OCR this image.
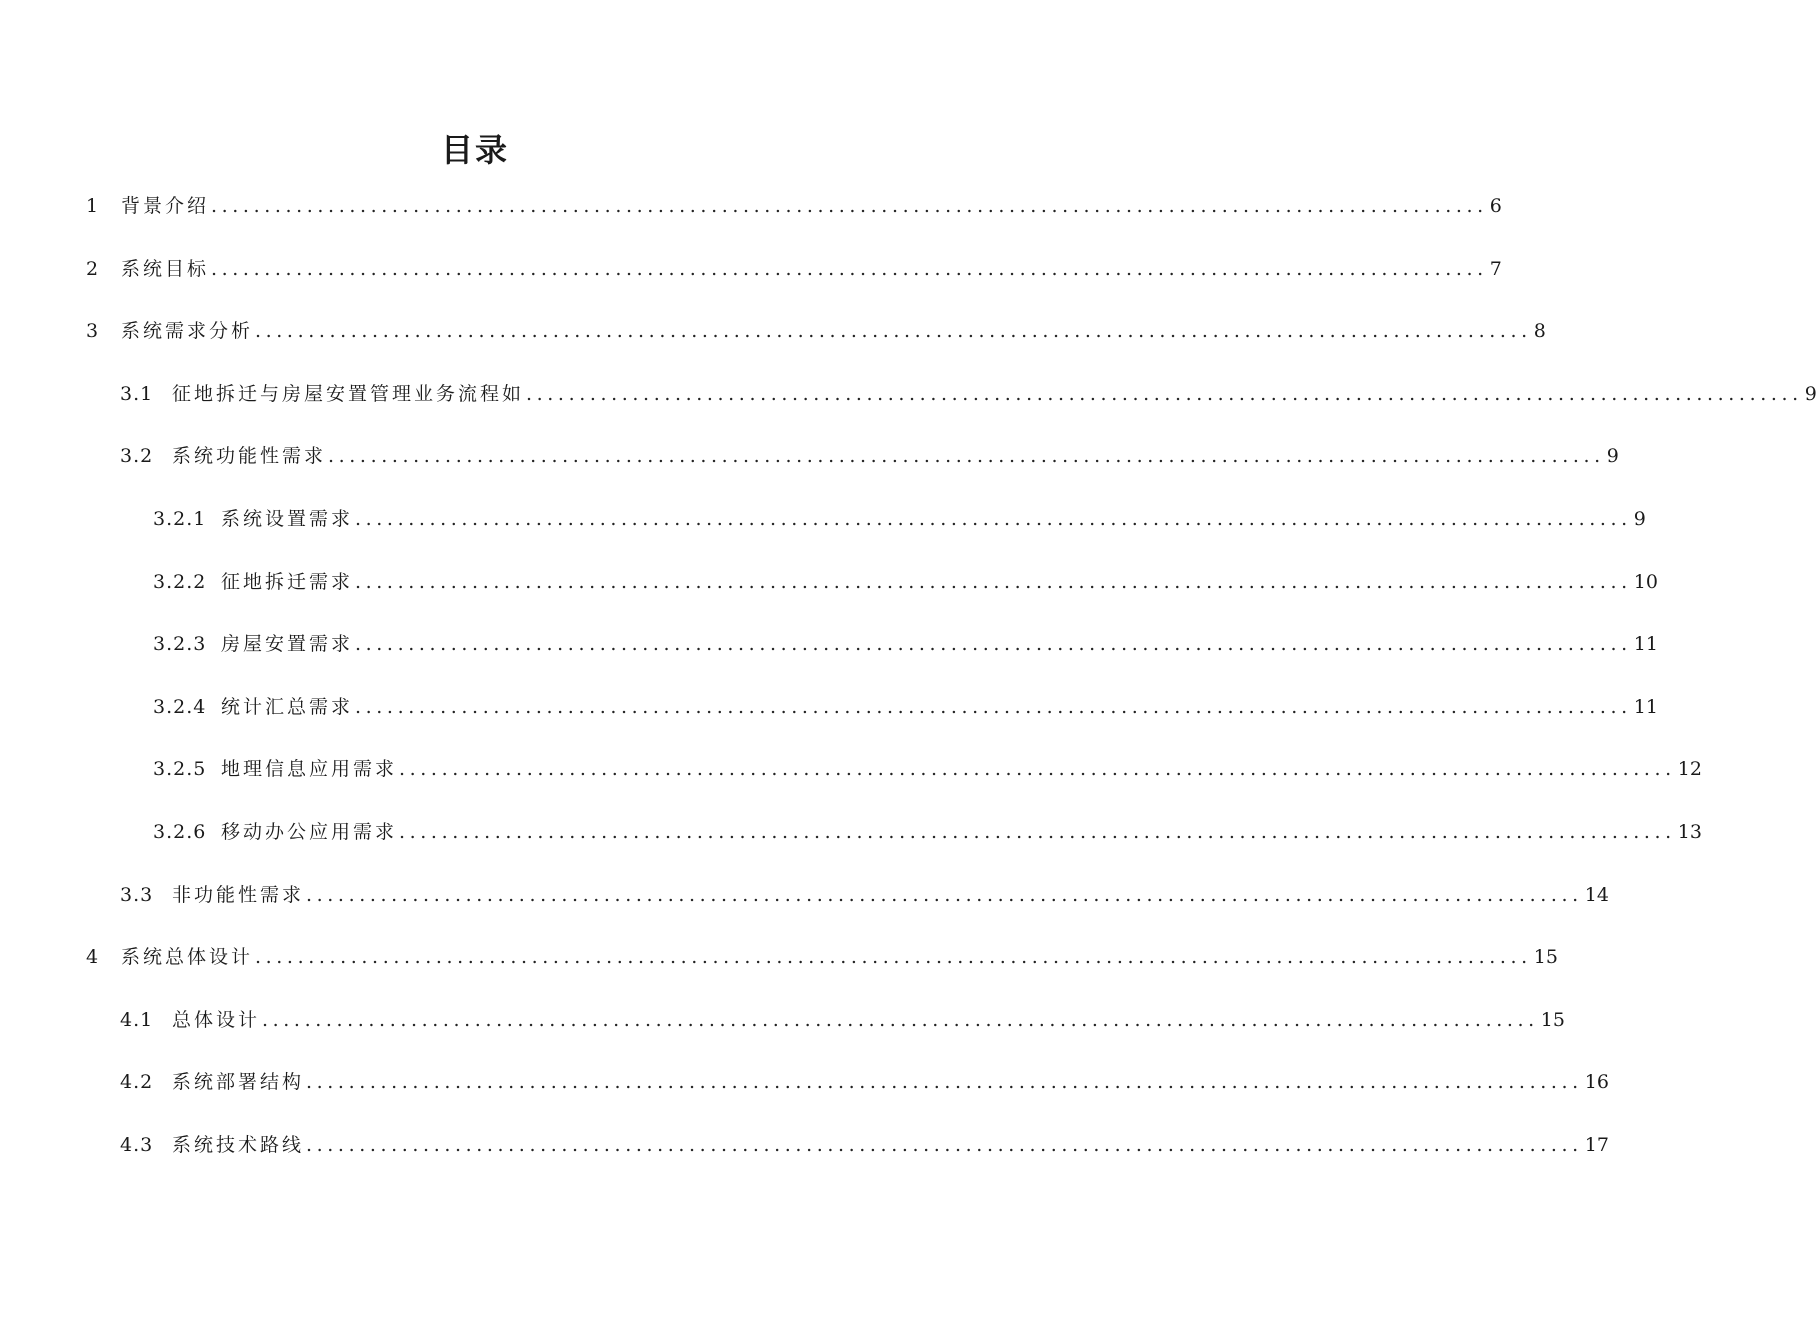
目录
1	背景介绍 ........................................................................................................................ 6
2	系统目标 ........................................................................................................................ 7
3	系统需求分析 ........................................................................................................................ 8
3.1 征地拆迁与房屋安置管理业务流程如 ........................................................................................................................ 9
3.2 系统功能性需求 ........................................................................................................................ 9
3.2.1 系统设置需求 ........................................................................................................................ 9
3.2.2 征地拆迁需求 ........................................................................................................................ 10
3.2.3 房屋安置需求 ........................................................................................................................ 11
3.2.4 统计汇总需求 ........................................................................................................................ 11
3.2.5 地理信息应用需求 ........................................................................................................................ 12
3.2.6 移动办公应用需求 ........................................................................................................................ 13
3.3 非功能性需求 ........................................................................................................................ 14
4	系统总体设计 ........................................................................................................................ 15
4.1 总体设计 ........................................................................................................................ 15
4.2 系统部署结构 ........................................................................................................................ 16
4.3 系统技术路线 ........................................................................................................................ 17
